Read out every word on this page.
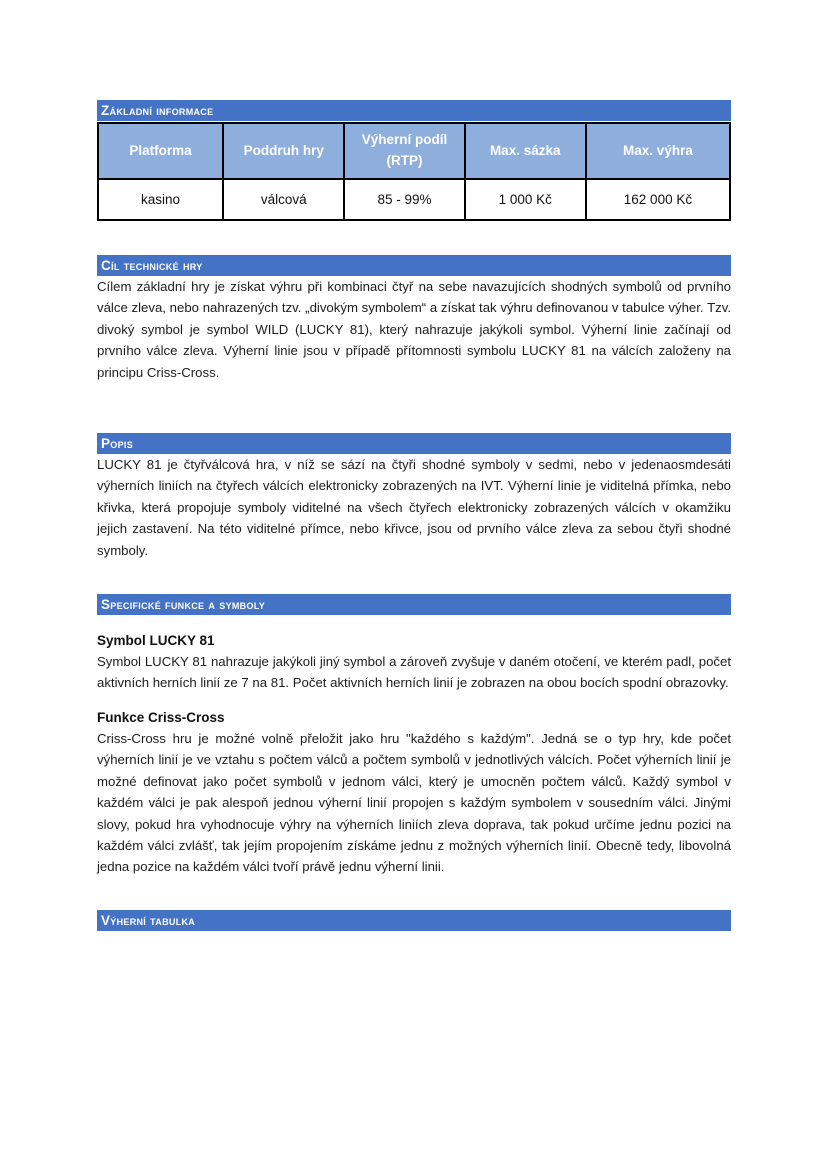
Základní informace
Platforma	Poddruh hry	Výherní podíl (RTP)	Max. sázka	Max. výhra
kasino	válcová	85 - 99%	1 000 Kč	162 000 Kč
Cíl technické hry

Cílem základní hry je získat výhru při kombinaci čtyř na sebe navazujících shodných symbolů od prvního válce zleva, nebo nahrazených tzv. „divokým symbolem“ a získat tak výhru definovanou v tabulce výher. Tzv. divoký symbol je symbol WILD (LUCKY 81), který nahrazuje jakýkoli symbol. Výherní linie začínají od prvního válce zleva. Výherní linie jsou v případě přítomnosti symbolu LUCKY 81 na válcích založeny na principu Criss-Cross.

Popis

LUCKY 81 je čtyřválcová hra, v níž se sází na čtyři shodné symboly v sedmi, nebo v jedenaosmdesáti výherních liniích na čtyřech válcích elektronicky zobrazených na IVT. Výherní linie je viditelná přímka, nebo křivka, která propojuje symboly viditelné na všech čtyřech elektronicky zobrazených válcích v okamžiku jejich zastavení. Na této viditelné přímce, nebo křivce, jsou od prvního válce zleva za sebou čtyři shodné symboly.

Specifické funkce a symboly
Symbol LUCKY 81

Symbol LUCKY 81 nahrazuje jakýkoli jiný symbol a zároveň zvyšuje v daném otočení, ve kterém padl, počet aktivních herních linií ze 7 na 81. Počet aktivních herních linií je zobrazen na obou bocích spodní obrazovky.

Funkce Criss-Cross

Criss-Cross hru je možné volně přeložit jako hru "každého s každým". Jedná se o typ hry, kde počet výherních linií je ve vztahu s počtem válců a počtem symbolů v jednotlivých válcích. Počet výherních linií je možné definovat jako počet symbolů v jednom válci, který je umocněn počtem válců. Každý symbol v každém válci je pak alespoň jednou výherní linií propojen s každým symbolem v sousedním válci. Jinými slovy, pokud hra vyhodnocuje výhry na výherních liniích zleva doprava, tak pokud určíme jednu pozici na každém válci zvlášť, tak jejím propojením získáme jednu z možných výherních linií. Obecně tedy, libovolná jedna pozice na každém válci tvoří právě jednu výherní linii.

Výherní tabulka
